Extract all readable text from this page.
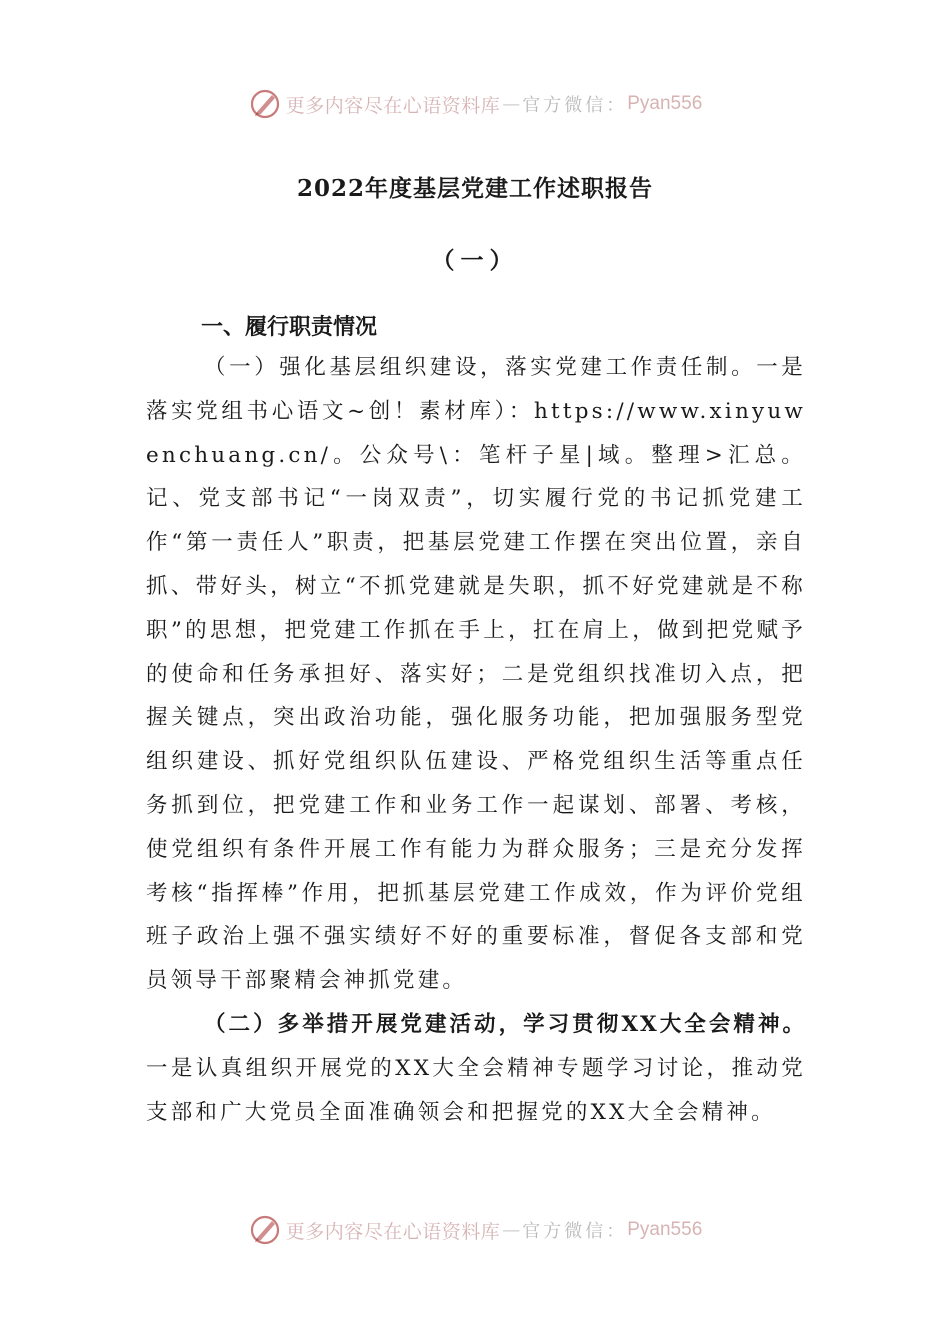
更多内容尽在心语资料库 — 官方微信： Pyan556
2022年度基层党建工作述职报告
（一）

一、履行职责情况

（一）强化基层组织建设，落实党建工作责任制。一是落实党组书心语文~创！素材库）：https://www.xinyuwenchuang.cn/。公众号\：笔杆子星|域。整理>汇总。记、党支部书记“一岗双责”，切实履行党的书记抓党建工作“第一责任人”职责，把基层党建工作摆在突出位置，亲自抓、带好头，树立“不抓党建就是失职，抓不好党建就是不称职”的思想，把党建工作抓在手上，扛在肩上，做到把党赋予的使命和任务承担好、落实好；二是党组织找准切入点，把握关键点，突出政治功能，强化服务功能，把加强服务型党组织建设、抓好党组织队伍建设、严格党组织生活等重点任务抓到位，把党建工作和业务工作一起谋划、部署、考核，使党组织有条件开展工作有能力为群众服务；三是充分发挥考核“指挥棒”作用，把抓基层党建工作成效，作为评价党组班子政治上强不强实绩好不好的重要标准，督促各支部和党员领导干部聚精会神抓党建。

（二）多举措开展党建活动，学习贯彻XX大全会精神。一是认真组织开展党的XX大全会精神专题学习讨论，推动党支部和广大党员全面准确领会和把握党的XX大全会精神。

更多内容尽在心语资料库 — 官方微信： Pyan556
